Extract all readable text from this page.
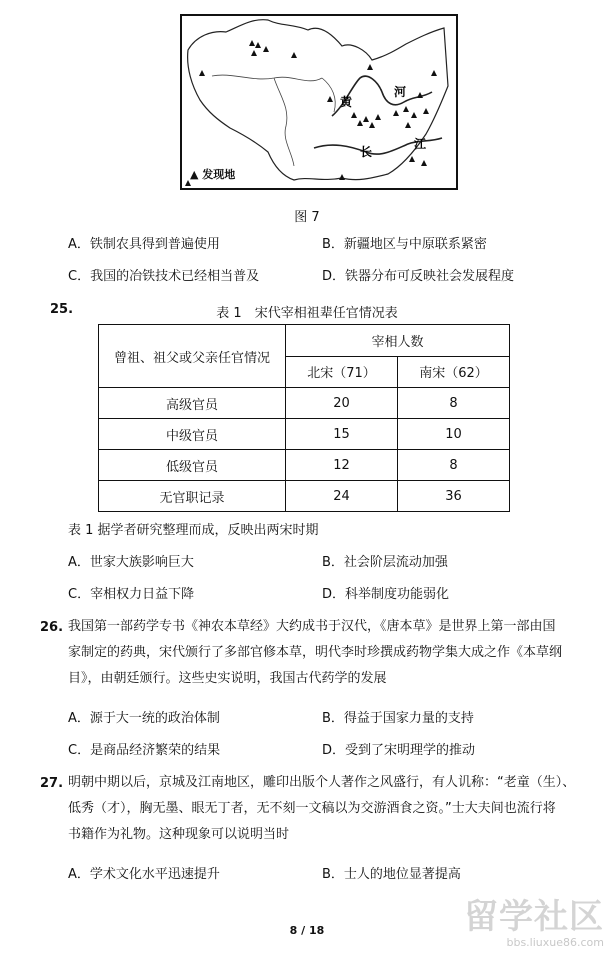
黄
河
长
江
▲ 发现地
图 7
A．铁制农具得到普遍使用	B．新疆地区与中原联系紧密
C．我国的冶铁技术已经相当普及	D．铁器分布可反映社会发展程度
25.	表 1　宋代宰相祖辈任官情况表
曾祖、祖父或父亲任官情况	宰相人数	
	北宋（71）	南宋（62）
高级官员	20	8
中级官员	15	10
低级官员	12	8
无官职记录	24	36
表 1 据学者研究整理而成，反映出两宋时期
A．世家大族影响巨大	B．社会阶层流动加强
C．宰相权力日益下降	D．科举制度功能弱化
26. 我国第一部药学专书《神农本草经》大约成书于汉代，《唐本草》是世界上第一部由国
家制定的药典，宋代颁行了多部官修本草，明代李时珍撰成药物学集大成之作《本草纲
目》，由朝廷颁行。这些史实说明，我国古代药学的发展
A．源于大一统的政治体制	B．得益于国家力量的支持
C．是商品经济繁荣的结果	D．受到了宋明理学的推动
27. 明朝中期以后，京城及江南地区，雕印出版个人著作之风盛行，有人讥称：“老童（生）、
低秀（才），胸无墨、眼无丁者，无不刻一文稿以为交游酒食之资。”士大夫间也流行将
书籍作为礼物。这种现象可以说明当时
A．学术文化水平迅速提升	B．士人的地位显著提高
8 / 18	留学社区
bbs.liuxue86.com
